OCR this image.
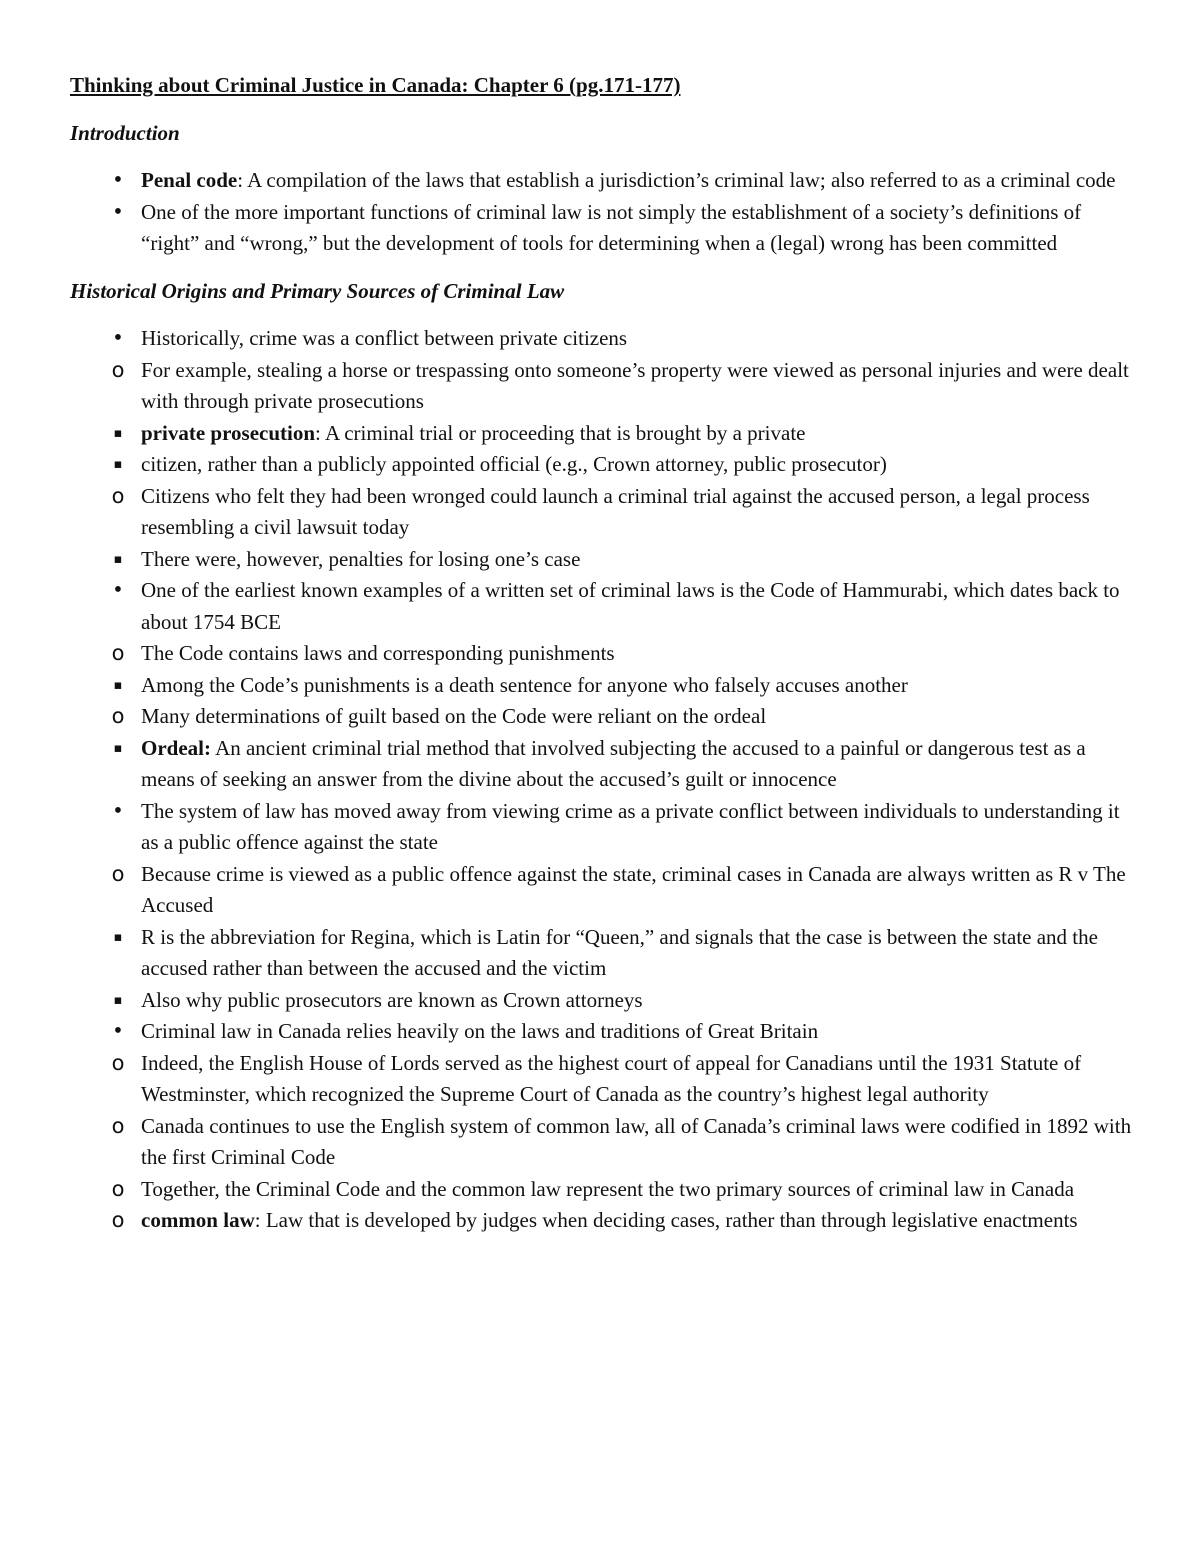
Thinking about Criminal Justice in Canada: Chapter 6 (pg.171-177)
Introduction
• Penal code: A compilation of the laws that establish a jurisdiction’s criminal law; also referred to as a criminal code
• One of the more important functions of criminal law is not simply the establishment of a society’s definitions of “right” and “wrong,” but the development of tools for determining when a (legal) wrong has been committed
Historical Origins and Primary Sources of Criminal Law
• Historically, crime was a conflict between private citizens
o For example, stealing a horse or trespassing onto someone’s property were viewed as personal injuries and were dealt with through private prosecutions
▪ private prosecution: A criminal trial or proceeding that is brought by a private
▪ citizen, rather than a publicly appointed official (e.g., Crown attorney, public prosecutor)
o Citizens who felt they had been wronged could launch a criminal trial against the accused person, a legal process resembling a civil lawsuit today
▪ There were, however, penalties for losing one’s case
• One of the earliest known examples of a written set of criminal laws is the Code of Hammurabi, which dates back to about 1754 BCE
o The Code contains laws and corresponding punishments
▪ Among the Code’s punishments is a death sentence for anyone who falsely accuses another
o Many determinations of guilt based on the Code were reliant on the ordeal
▪ Ordeal: An ancient criminal trial method that involved subjecting the accused to a painful or dangerous test as a means of seeking an answer from the divine about the accused’s guilt or innocence
• The system of law has moved away from viewing crime as a private conflict between individuals to understanding it as a public offence against the state
o Because crime is viewed as a public offence against the state, criminal cases in Canada are always written as R v The Accused
▪ R is the abbreviation for Regina, which is Latin for “Queen,” and signals that the case is between the state and the accused rather than between the accused and the victim
▪ Also why public prosecutors are known as Crown attorneys
• Criminal law in Canada relies heavily on the laws and traditions of Great Britain
o Indeed, the English House of Lords served as the highest court of appeal for Canadians until the 1931 Statute of Westminster, which recognized the Supreme Court of Canada as the country’s highest legal authority
o Canada continues to use the English system of common law, all of Canada’s criminal laws were codified in 1892 with the first Criminal Code
o Together, the Criminal Code and the common law represent the two primary sources of criminal law in Canada
o common law: Law that is developed by judges when deciding cases, rather than through legislative enactments
